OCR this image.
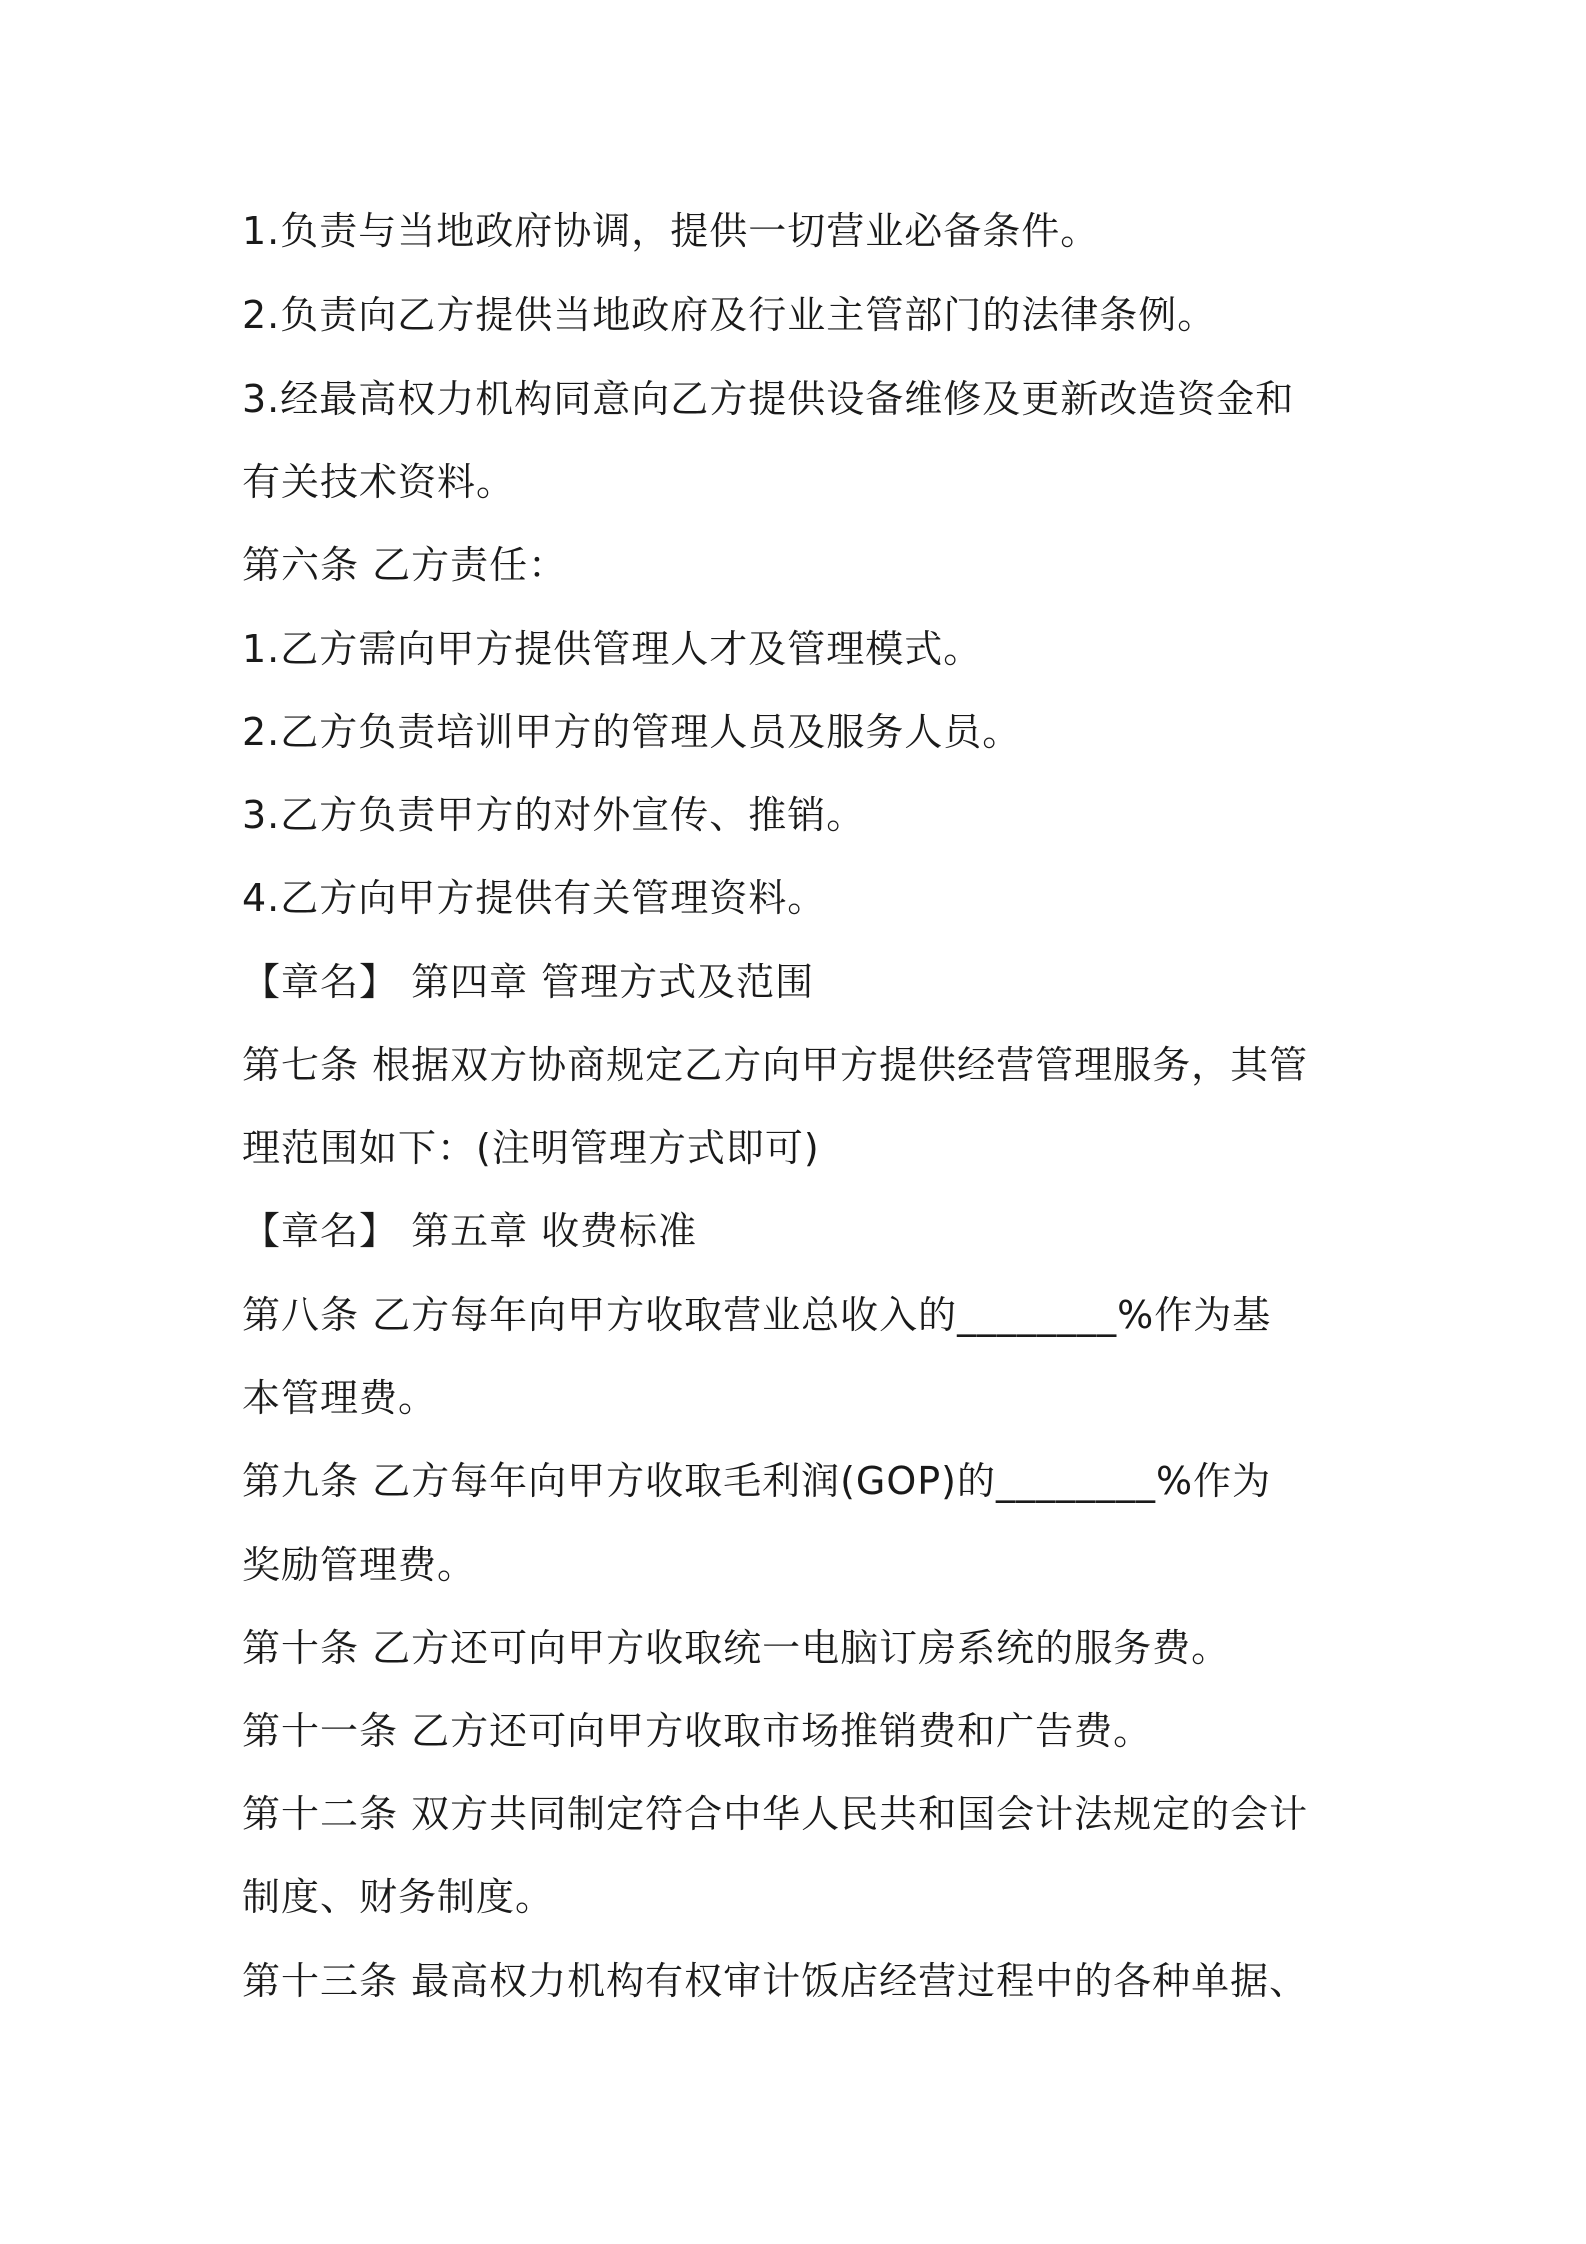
1.负责与当地政府协调，提供一切营业必备条件。
2.负责向乙方提供当地政府及行业主管部门的法律条例。
3.经最高权力机构同意向乙方提供设备维修及更新改造资金和
有关技术资料。
第六条 乙方责任：
1.乙方需向甲方提供管理人才及管理模式。
2.乙方负责培训甲方的管理人员及服务人员。
3.乙方负责甲方的对外宣传、推销。
4.乙方向甲方提供有关管理资料。
【章名】 第四章 管理方式及范围
第七条 根据双方协商规定乙方向甲方提供经营管理服务，其管
理范围如下：(注明管理方式即可)
【章名】 第五章 收费标准
第八条 乙方每年向甲方收取营业总收入的________%作为基
本管理费。
第九条 乙方每年向甲方收取毛利润(GOP)的________%作为
奖励管理费。
第十条 乙方还可向甲方收取统一电脑订房系统的服务费。
第十一条 乙方还可向甲方收取市场推销费和广告费。
第十二条 双方共同制定符合中华人民共和国会计法规定的会计
制度、财务制度。
第十三条 最高权力机构有权审计饭店经营过程中的各种单据、
